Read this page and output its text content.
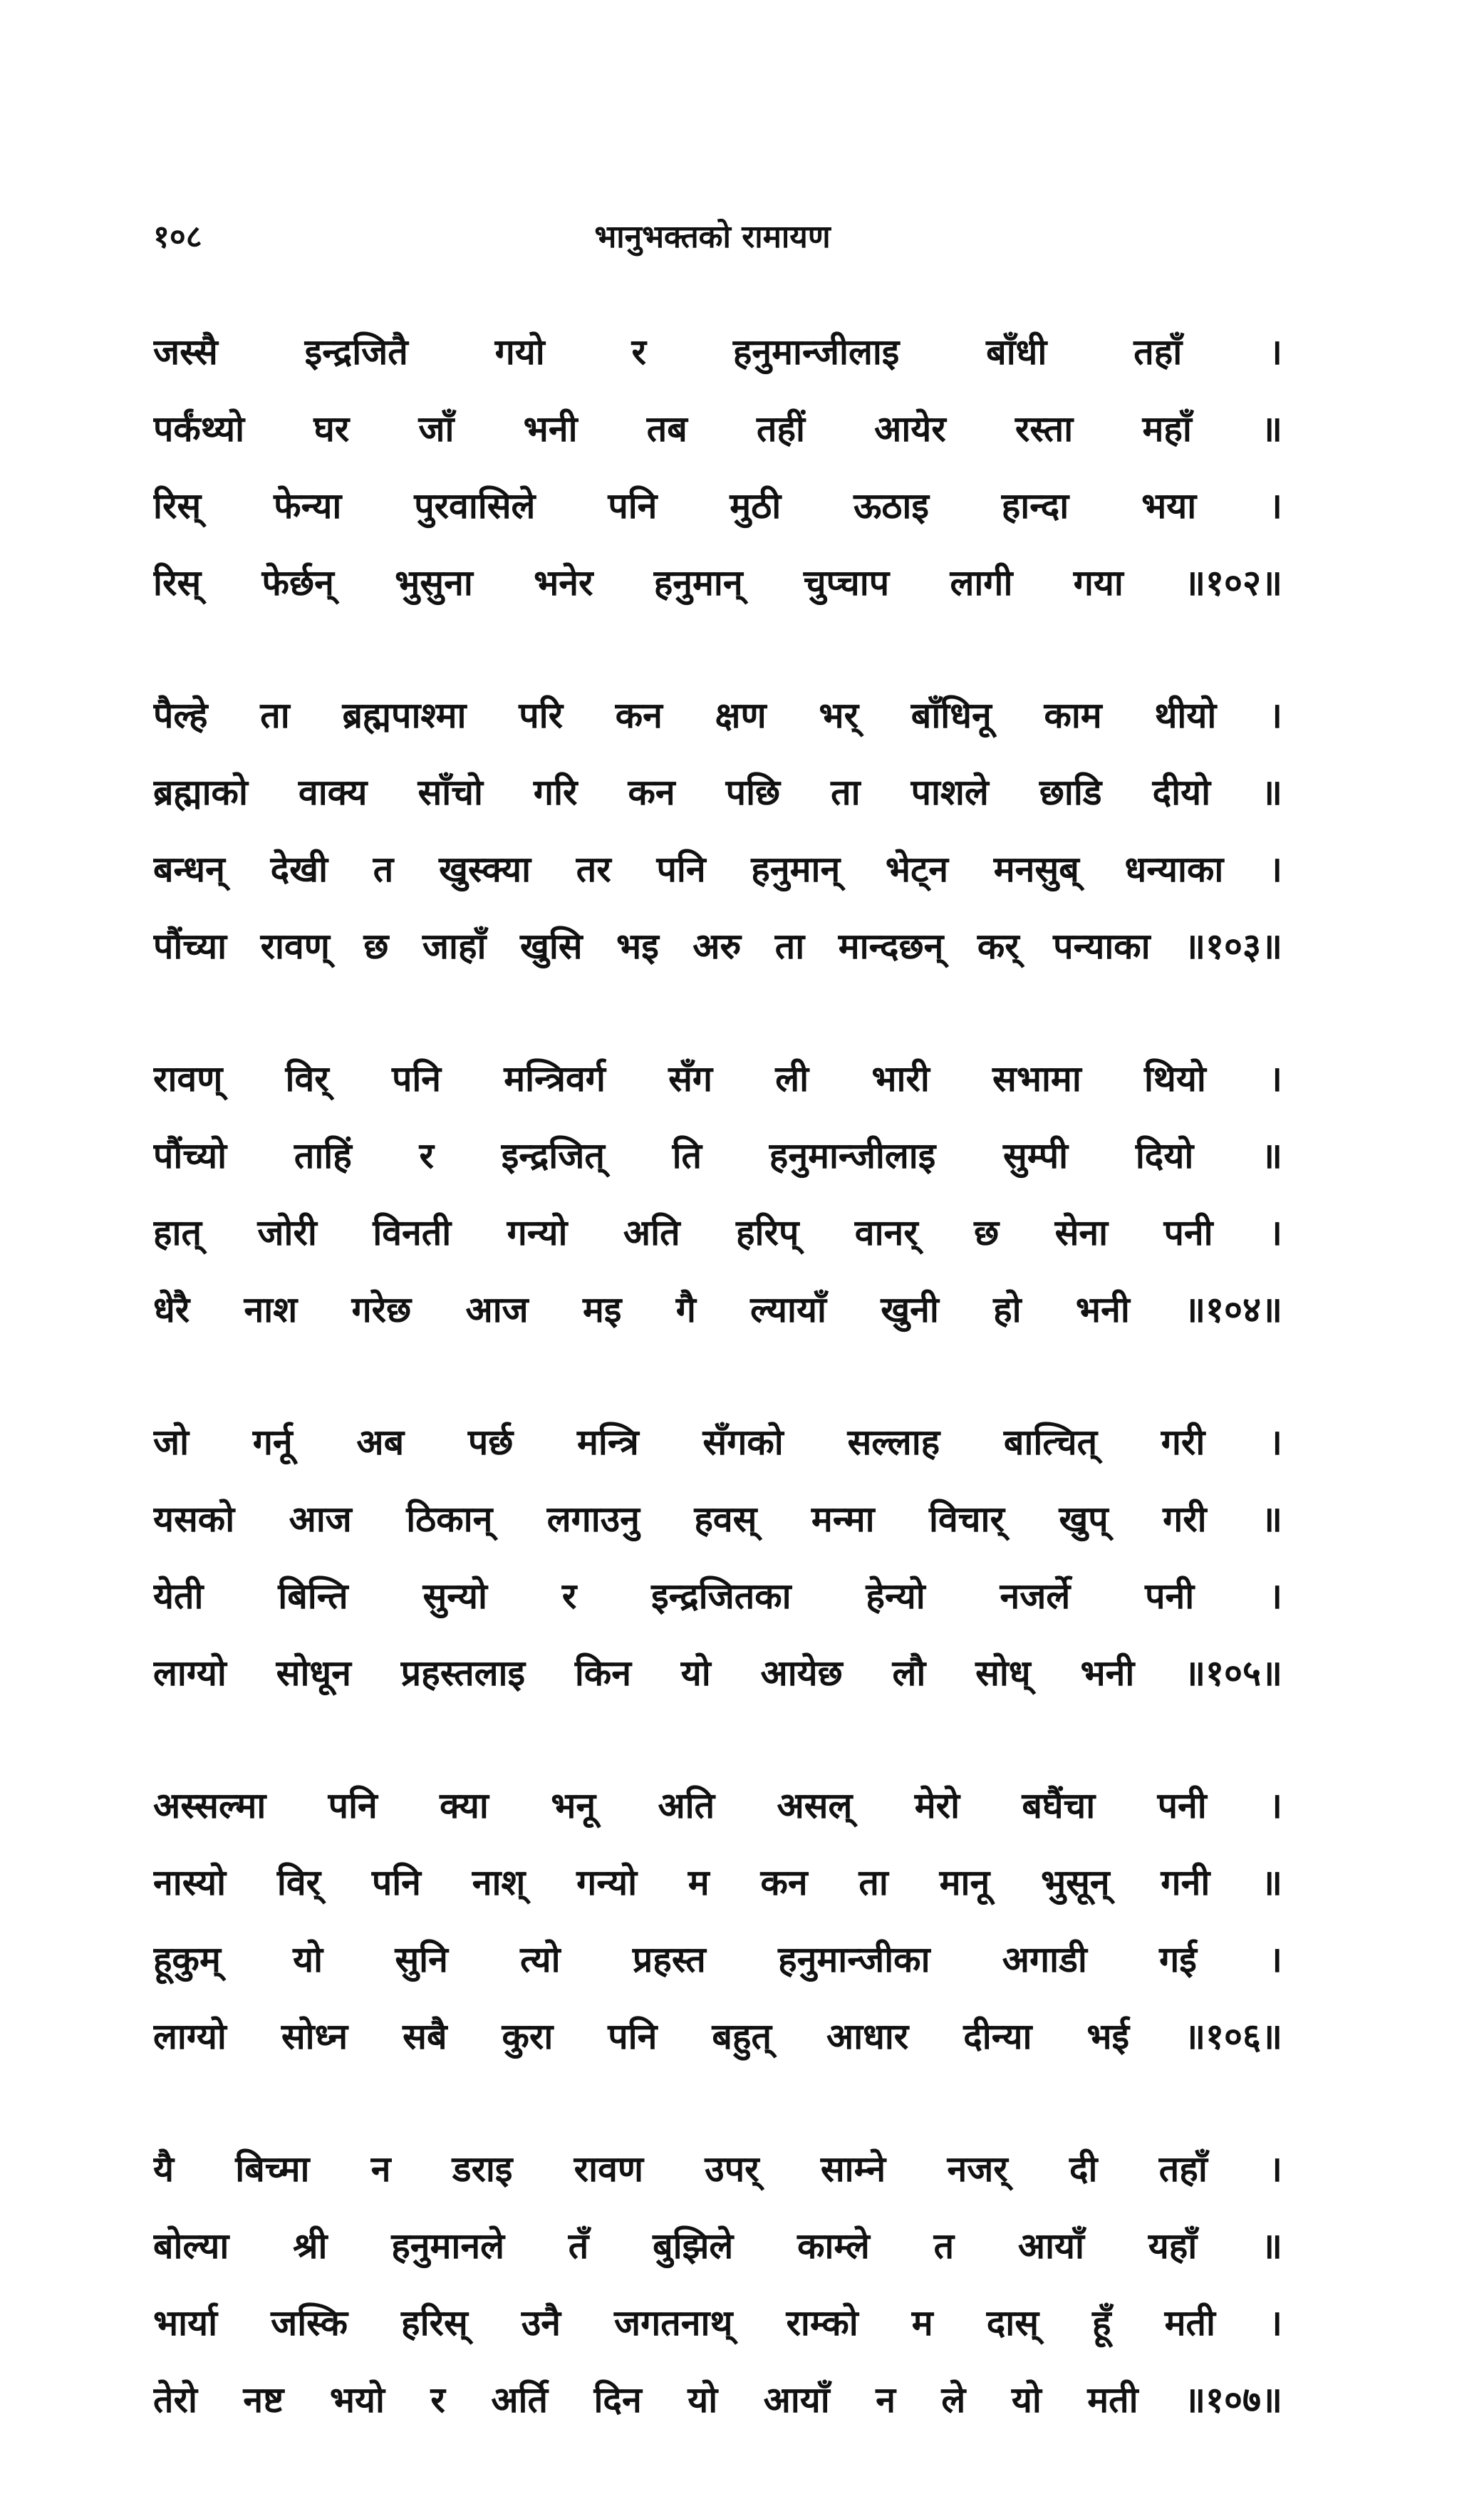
१०८	भानुभक्तको रामायण
जस्सै इन्द्रजितै गयो र हनुमान्जीलाइ बाँधी तहाँ ।
पर्कंथ्यो घर जाँ भनी तब तहीं आयेर रस्ता महाँ ॥
रिस् फेन्या पुरवासिले पनि मुठी ऊठाइ हान्दा भया ।
रिस् फेर्छन् भुसुना भनेर हनुमान् चुप्चाप लागी गया ॥१०२॥
पैल्हे ता ब्रह्मपाश्मा परि कन क्षण भर् बाँधिनू काम थीयो ।
ब्रह्माको वाक्य साँचो गरि कन पछि ता पाशले छाडि दीयो ॥
बन्धन् देखी त खुस्क्या तर पनि हनुमान् भेट्न मनसुब् धन्याका ।
पौंच्या रावण् छ जाहाँ खुसि भइ अरु ता मान्दछन् कर् पन्याका ॥१०३॥
रावण् विर् पनि मन्त्रिवर्ग सँग ली भारी सभामा थियो ।
पौंच्यो ताहिं र इन्द्रजित् ति हनुमान्जीलाइ सुम्पी दियो ॥
हात् जोरी विनती गन्यो अति हरिप् वानर् छ सेना पनी ।
धेरै नाश गरेछ आज मइ गै ल्यायाँ खुनी हो भनी ॥१०४॥
जो गर्नू अब पर्छ मन्त्रि सँगको सल्लाह बात्चित् गरी ।
यसको आज ठिकान् लगाउनु हवस् मन्मा विचार् खुप् गरी ॥
येती बिन्ति सुन्यो र इन्द्रजितका हेन्यो नजर्ले पनी ।
लाग्यो सोधून प्रहस्तलाइ किन यो आयेछ लौ सोध् भनी ॥१०५॥
अस्सल्मा पनि क्या भनू अति असल् मेरो बघैंचा पनी ।
नास्यो विर् पनि नाश् गन्यो म कन ता मानू भुसून् गनी ॥
हूकुम् यो सुनि त्यो प्रहस्त हनुमान्जीका अगाडी गई ।
लाग्यो सोध्न सबै कुरा पनि बहुत् आधार दीन्या भई ॥१०६॥
यै बिच्मा न डराइ रावण उपर् साम्ने नजर् दी तहाँ ।
बोल्या श्री हनुमानले तँ बुझिले काम्ले त आयाँ यहाँ ॥
भार्या जस्कि हरिस् उनै जगतनाथ् राम्को म दास् हूँ मती ।
तेरो नष्ट भयो र अर्ति दिन यो आयाँ न ले यो मती ॥१०७॥
